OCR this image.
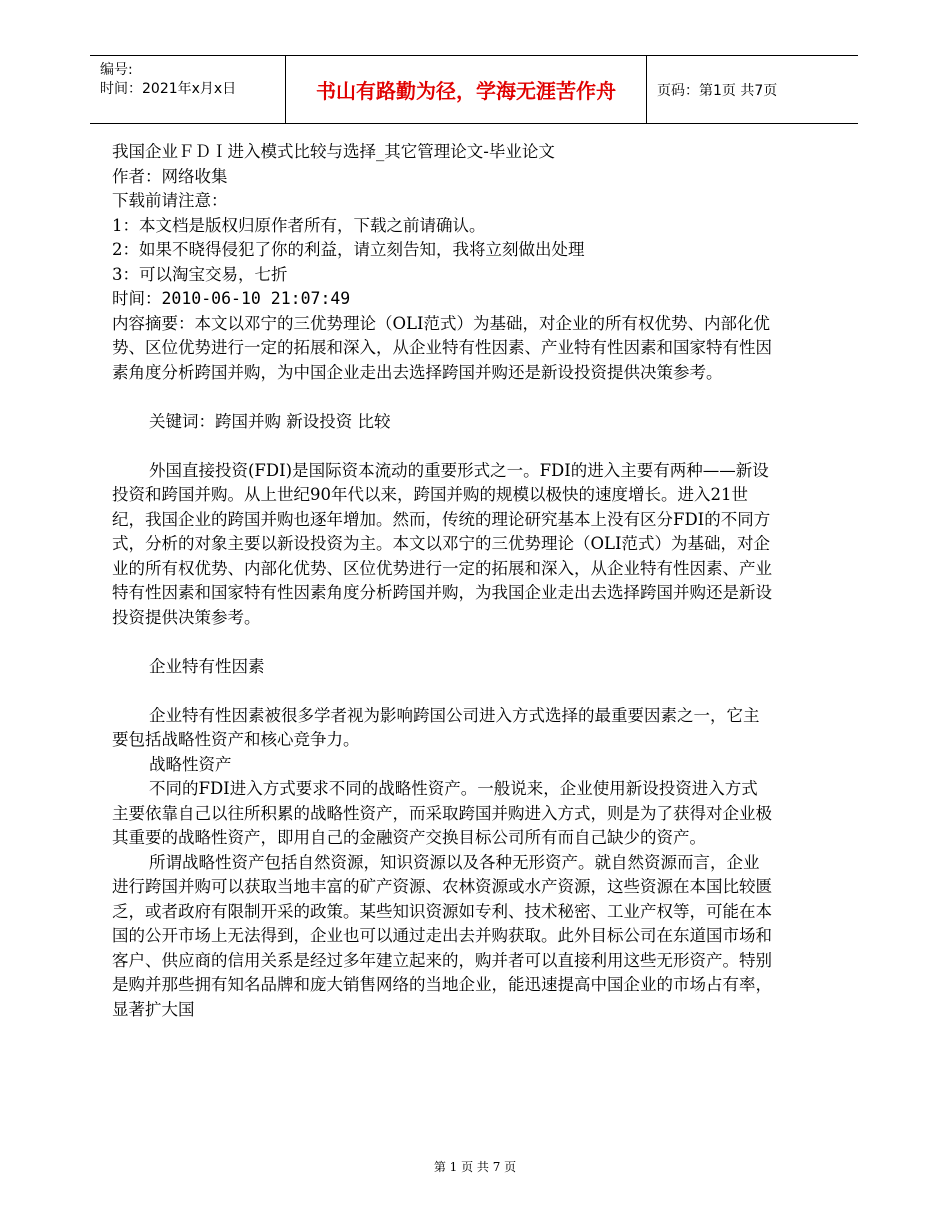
编号:
时间：2021年x月x日	书山有路勤为径，学海无涯苦作舟	页码：第1页 共7页

我国企业ＦＤＩ进入模式比较与选择_其它管理论文-毕业论文

作者：网络收集

下载前请注意：

1：本文档是版权归原作者所有，下载之前请确认。

2：如果不晓得侵犯了你的利益，请立刻告知，我将立刻做出处理

3：可以淘宝交易，七折

时间：2010-06-10 21:07:49

内容摘要：本文以邓宁的三优势理论（OLI范式）为基础，对企业的所有权优势、内部化优势、区位优势进行一定的拓展和深入，从企业特有性因素、产业特有性因素和国家特有性因素角度分析跨国并购，为中国企业走出去选择跨国并购还是新设投资提供决策参考。

关键词：跨国并购 新设投资 比较

外国直接投资(FDI)是国际资本流动的重要形式之一。FDI的进入主要有两种——新设投资和跨国并购。从上世纪90年代以来，跨国并购的规模以极快的速度增长。进入21世纪，我国企业的跨国并购也逐年增加。然而，传统的理论研究基本上没有区分FDI的不同方式，分析的对象主要以新设投资为主。本文以邓宁的三优势理论（OLI范式）为基础，对企业的所有权优势、内部化优势、区位优势进行一定的拓展和深入，从企业特有性因素、产业特有性因素和国家特有性因素角度分析跨国并购，为我国企业走出去选择跨国并购还是新设投资提供决策参考。

企业特有性因素

企业特有性因素被很多学者视为影响跨国公司进入方式选择的最重要因素之一，它主要包括战略性资产和核心竞争力。

战略性资产

不同的FDI进入方式要求不同的战略性资产。一般说来，企业使用新设投资进入方式主要依靠自己以往所积累的战略性资产，而采取跨国并购进入方式，则是为了获得对企业极其重要的战略性资产，即用自己的金融资产交换目标公司所有而自己缺少的资产。

所谓战略性资产包括自然资源，知识资源以及各种无形资产。就自然资源而言，企业进行跨国并购可以获取当地丰富的矿产资源、农林资源或水产资源，这些资源在本国比较匮乏，或者政府有限制开采的政策。某些知识资源如专利、技术秘密、工业产权等，可能在本国的公开市场上无法得到，企业也可以通过走出去并购获取。此外目标公司在东道国市场和客户、供应商的信用关系是经过多年建立起来的，购并者可以直接利用这些无形资产。特别是购并那些拥有知名品牌和庞大销售网络的当地企业，能迅速提高中国企业的市场占有率，显著扩大国

第 1 页 共 7 页
